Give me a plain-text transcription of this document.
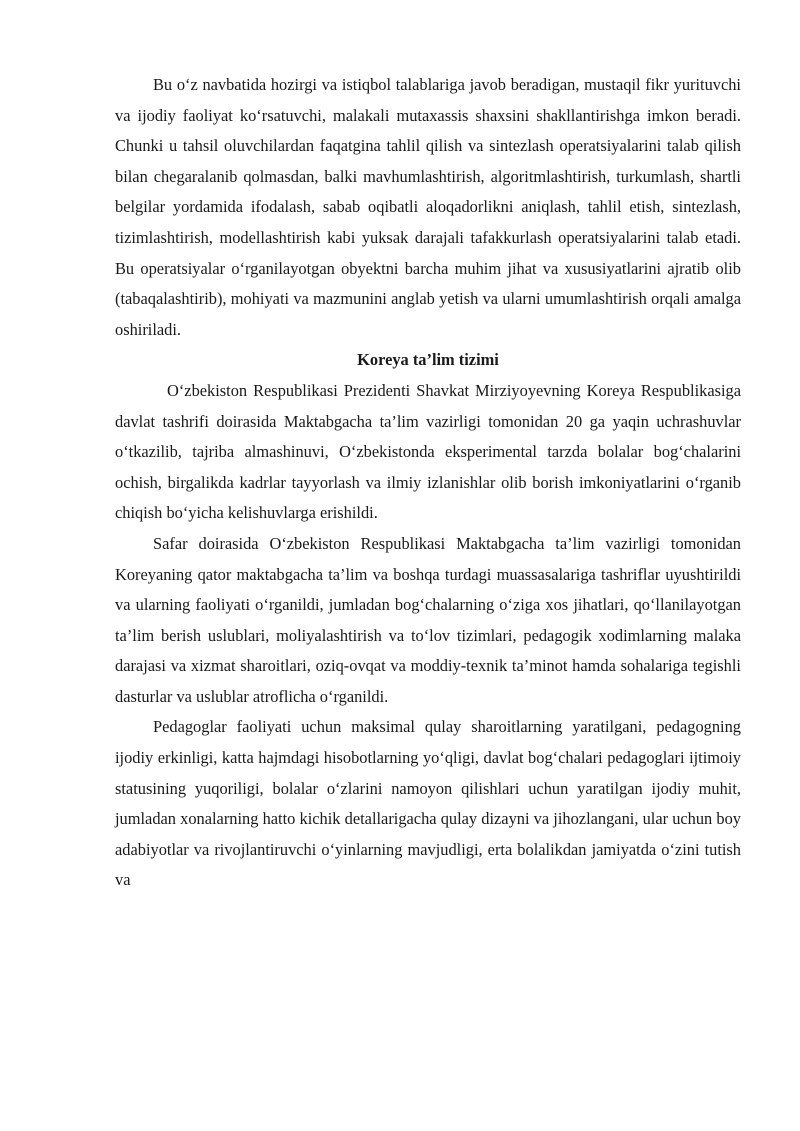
Bu o‘z navbatida hozirgi va istiqbol talablariga javob beradigan, mustaqil fikr yurituvchi va ijodiy faoliyat ko‘rsatuvchi, malakali mutaxassis shaxsini shakllantirishga imkon beradi. Chunki u tahsil oluvchilardan faqatgina tahlil qilish va sintezlash operatsiyalarini talab qilish bilan chegaralanib qolmasdan, balki mavhumlashtirish, algoritmlashtirish, turkumlash, shartli belgilar yordamida ifodalash, sabab oqibatli aloqadorlikni aniqlash, tahlil etish, sintezlash, tizimlashtirish, modellashtirish kabi yuksak darajali tafakkurlash operatsiyalarini talab etadi. Bu operatsiyalar o‘rganilayotgan obyektni barcha muhim jihat va xususiyatlarini ajratib olib (tabaqalashtirib), mohiyati va mazmunini anglab yetish va ularni umumlashtirish orqali amalga oshiriladi.

Koreya ta’lim tizimi

O‘zbekiston Respublikasi Prezidenti Shavkat Mirziyoyevning Koreya Respublikasiga davlat tashrifi doirasida Maktabgacha ta’lim vazirligi tomonidan 20 ga yaqin uchrashuvlar o‘tkazilib, tajriba almashinuvi, O‘zbekistonda eksperimental tarzda bolalar bog‘chalarini ochish, birgalikda kadrlar tayyorlash va ilmiy izlanishlar olib borish imkoniyatlarini o‘rganib chiqish bo‘yicha kelishuvlarga erishildi.

Safar doirasida O‘zbekiston Respublikasi Maktabgacha ta’lim vazirligi tomonidan Koreyaning qator maktabgacha ta’lim va boshqa turdagi muassasalariga tashriflar uyushtirildi va ularning faoliyati o‘rganildi, jumladan bog‘chalarning o‘ziga xos jihatlari, qo‘llanilayotgan ta’lim berish uslublari, moliyalashtirish va to‘lov tizimlari, pedagogik xodimlarning malaka darajasi va xizmat sharoitlari, oziq-ovqat va moddiy-texnik ta’minot hamda sohalariga tegishli dasturlar va uslublar atroflicha o‘rganildi.

Pedagoglar faoliyati uchun maksimal qulay sharoitlarning yaratilgani, pedagogning ijodiy erkinligi, katta hajmdagi hisobotlarning yo‘qligi, davlat bog‘chalari pedagoglari ijtimoiy statusining yuqoriligi, bolalar o‘zlarini namoyon qilishlari uchun yaratilgan ijodiy muhit, jumladan xonalarning hatto kichik detallarigacha qulay dizayni va jihozlangani, ular uchun boy adabiyotlar va rivojlantiruvchi o‘yinlarning mavjudligi, erta bolalikdan jamiyatda o‘zini tutish va
